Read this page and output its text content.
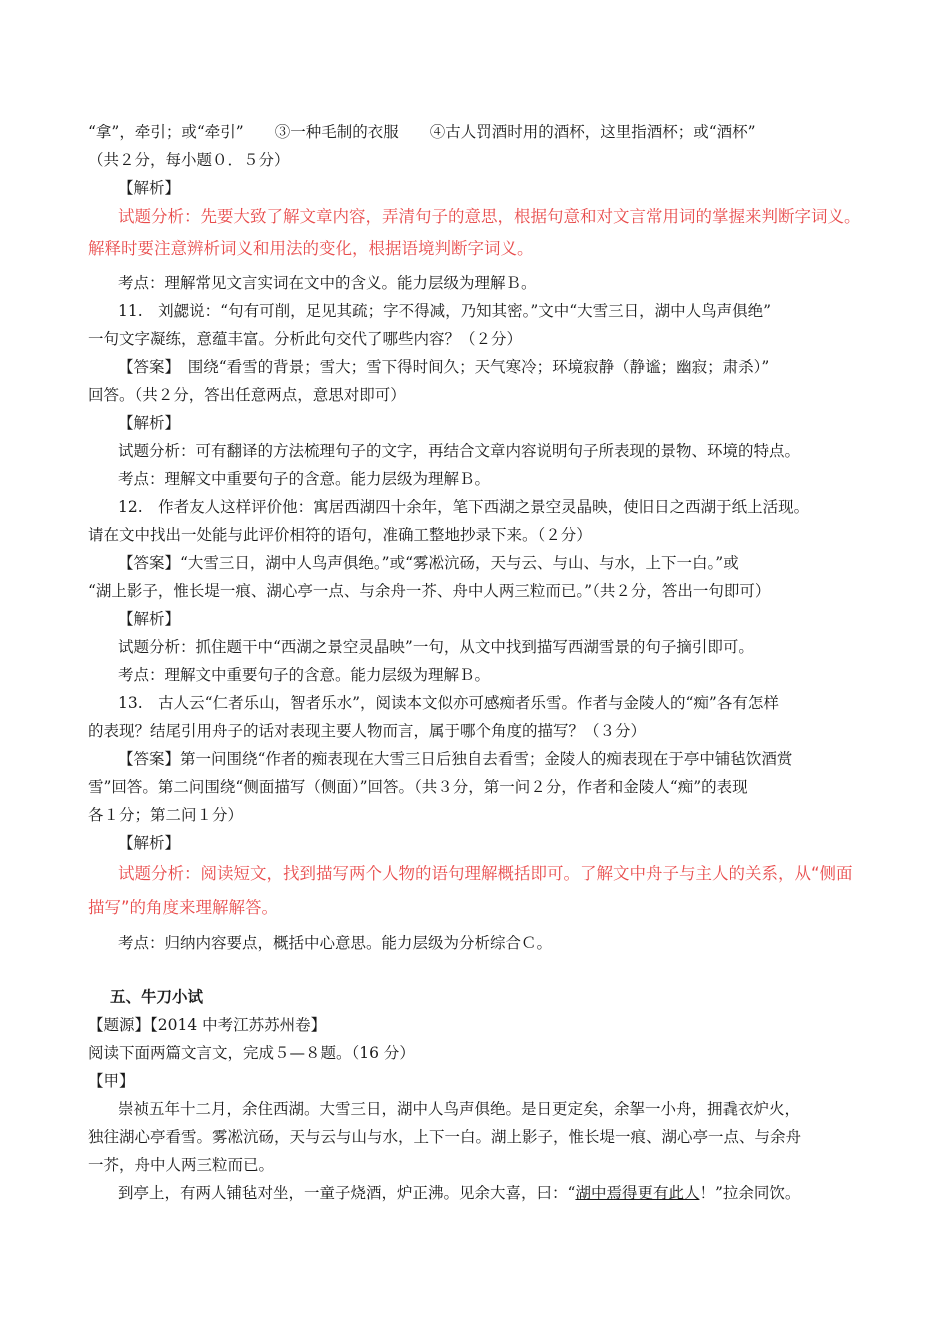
“拿”，牵引；或“牵引”　　③一种毛制的衣服　　④古人罚酒时用的酒杯，这里指酒杯；或“酒杯”
（共２分，每小题０．５分）
【解析】
试题分析：先要大致了解文章内容，弄清句子的意思，根据句意和对文言常用词的掌握来判断字词义。
解释时要注意辨析词义和用法的变化，根据语境判断字词义。
考点：理解常见文言实词在文中的含义。能力层级为理解Ｂ。
11.　刘勰说：“句有可削，足见其疏；字不得减，乃知其密。”文中“大雪三日，湖中人鸟声俱绝”
一句文字凝练，意蕴丰富。分析此句交代了哪些内容？（２分）
【答案】　围绕“看雪的背景；雪大；雪下得时间久；天气寒冷；环境寂静（静谧；幽寂；肃杀）”
回答。（共２分，答出任意两点，意思对即可）
【解析】
试题分析：可有翻译的方法梳理句子的文字，再结合文章内容说明句子所表现的景物、环境的特点。
考点：理解文中重要句子的含意。能力层级为理解Ｂ。
12.　作者友人这样评价他：寓居西湖四十余年，笔下西湖之景空灵晶映，使旧日之西湖于纸上活现。
请在文中找出一处能与此评价相符的语句，准确工整地抄录下来。（２分）
【答案】“大雪三日，湖中人鸟声俱绝。”或“雾凇沆砀，天与云、与山、与水，上下一白。”或
“湖上影子，惟长堤一痕、湖心亭一点、与余舟一芥、舟中人两三粒而已。”（共２分，答出一句即可）
【解析】
试题分析：抓住题干中“西湖之景空灵晶映”一句，从文中找到描写西湖雪景的句子摘引即可。
考点：理解文中重要句子的含意。能力层级为理解Ｂ。
13.　古人云“仁者乐山，智者乐水”，阅读本文似亦可感痴者乐雪。作者与金陵人的“痴”各有怎样
的表现？结尾引用舟子的话对表现主要人物而言，属于哪个角度的描写？（３分）
【答案】第一问围绕“作者的痴表现在大雪三日后独自去看雪；金陵人的痴表现在于亭中铺毡饮酒赏
雪”回答。第二问围绕“侧面描写（侧面）”回答。（共３分，第一问２分，作者和金陵人“痴”的表现
各１分；第二问１分）
【解析】
试题分析：阅读短文，找到描写两个人物的语句理解概括即可。了解文中舟子与主人的关系，从“侧面
描写”的角度来理解解答。
考点：归纳内容要点，概括中心意思。能力层级为分析综合Ｃ。
五、牛刀小试
【题源】【2014 中考江苏苏州卷】
阅读下面两篇文言文，完成５—８题。（16 分）
【甲】
崇祯五年十二月，余住西湖。大雪三日，湖中人鸟声俱绝。是日更定矣，余挐一小舟，拥毳衣炉火，
独往湖心亭看雪。雾凇沆砀，天与云与山与水，上下一白。湖上影子，惟长堤一痕、湖心亭一点、与余舟
一芥，舟中人两三粒而已。
到亭上，有两人铺毡对坐，一童子烧酒，炉正沸。见余大喜，曰：“湖中焉得更有此人！”拉余同饮。
